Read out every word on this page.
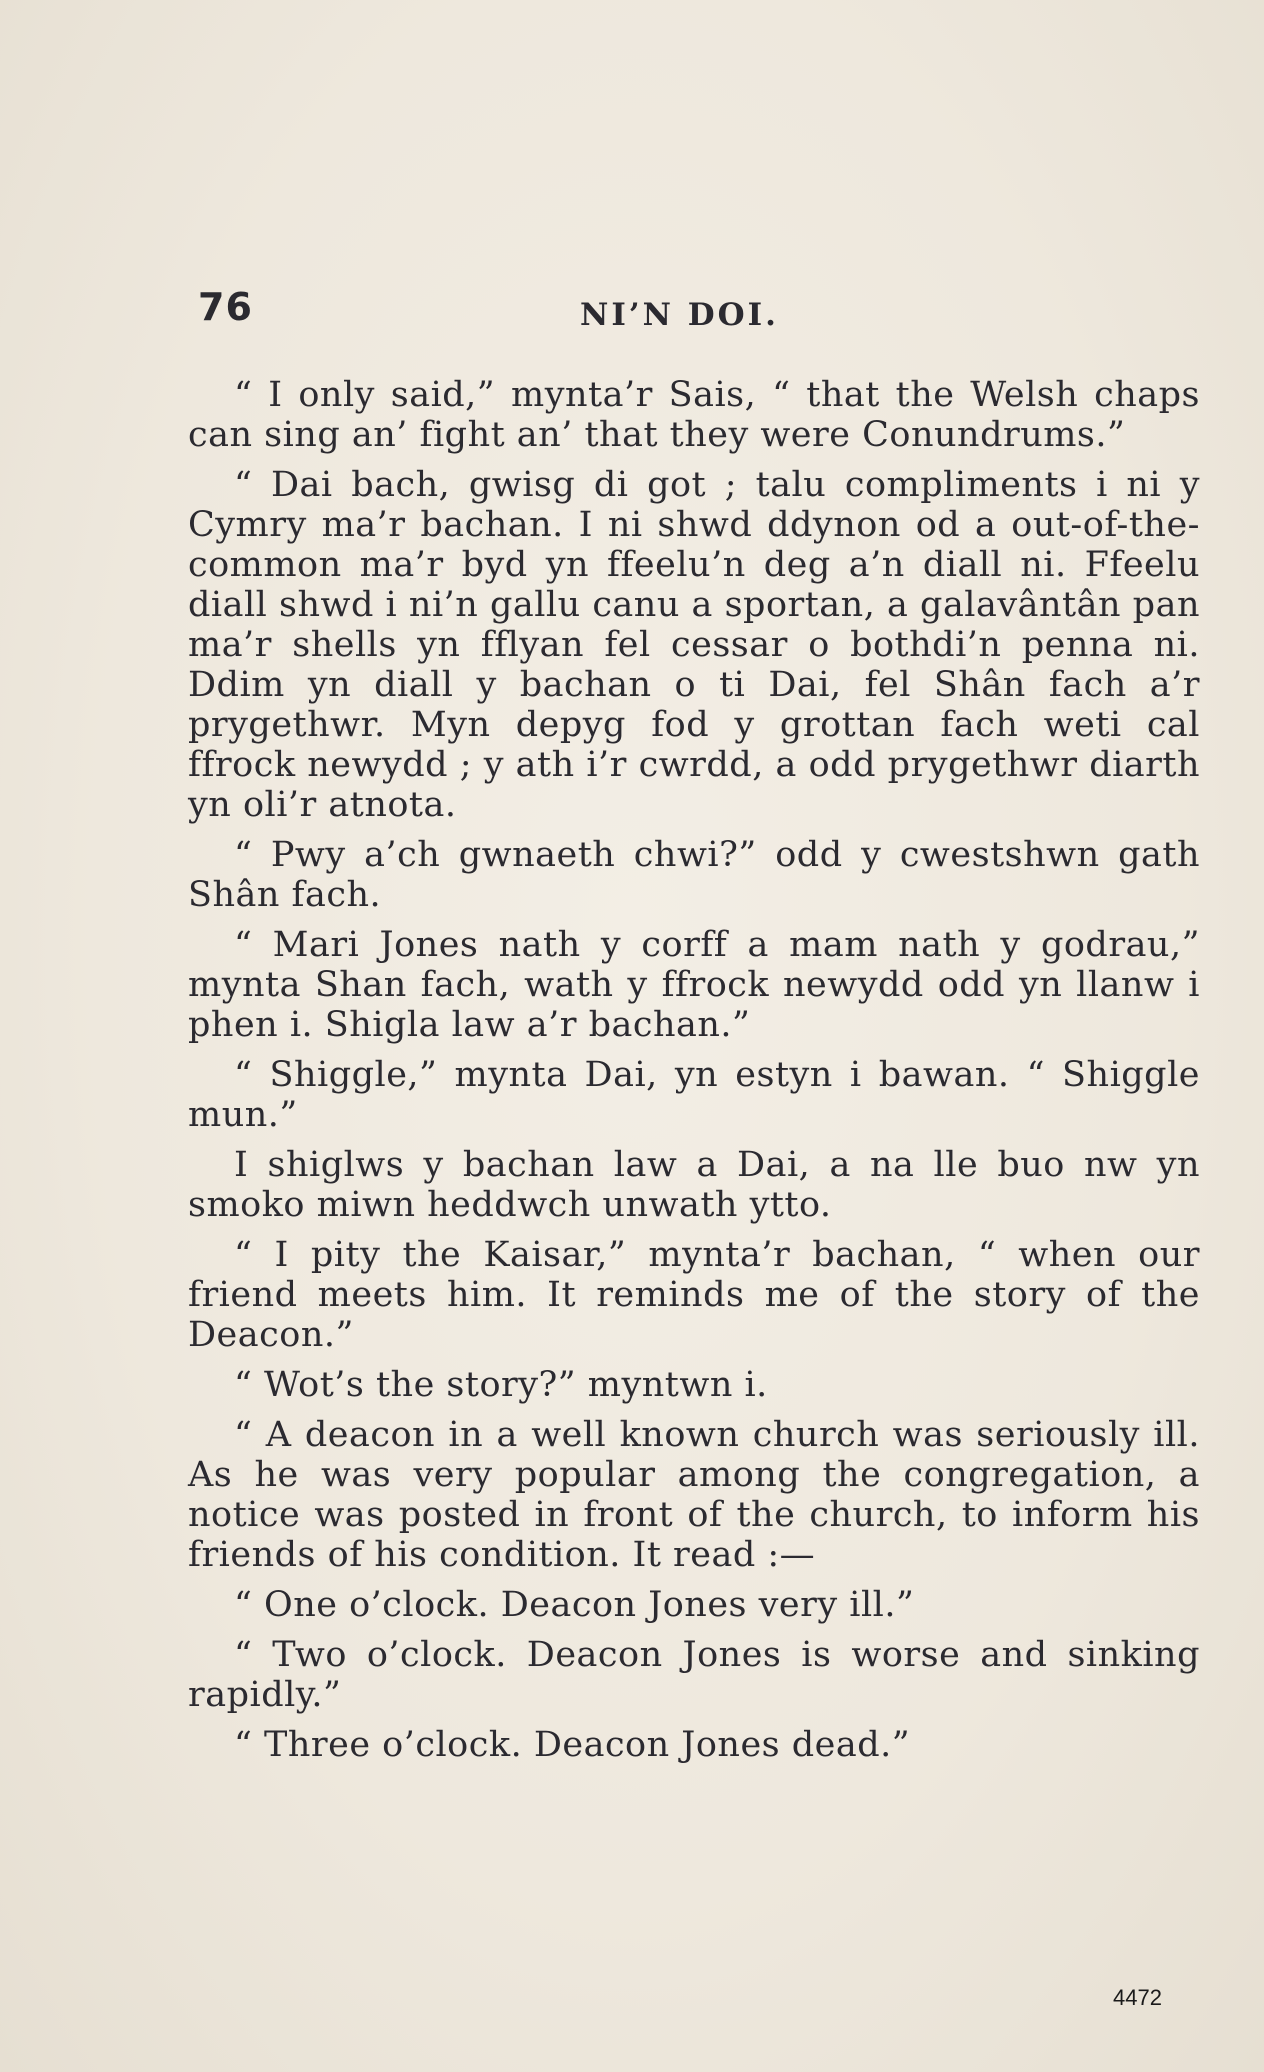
76	NI’N DOI.

“ I only said,” mynta’r Sais, “ that the Welsh chaps can sing an’ fight an’ that they were Conundrums.”

“ Dai bach, gwisg di got ; talu compliments i ni y Cymry ma’r bachan. I ni shwd ddynon od a out-of-the-common ma’r byd yn ffeelu’n deg a’n diall ni. Ffeelu diall shwd i ni’n gallu canu a sportan, a galavântân pan ma’r shells yn fflyan fel cessar o bothdi’n penna ni. Ddim yn diall y bachan o ti Dai, fel Shân fach a’r prygethwr. Myn depyg fod y grottan fach weti cal ffrock newydd ; y ath i’r cwrdd, a odd prygethwr diarth yn oli’r atnota.

“ Pwy a’ch gwnaeth chwi?” odd y cwestshwn gath Shân fach.

“ Mari Jones nath y corff a mam nath y godrau,” mynta Shan fach, wath y ffrock newydd odd yn llanw i phen i. Shigla law a’r bachan.”

“ Shiggle,” mynta Dai, yn estyn i bawan. “ Shiggle mun.”

I shiglws y bachan law a Dai, a na lle buo nw yn smoko miwn heddwch unwath ytto.

“ I pity the Kaisar,” mynta’r bachan, “ when our friend meets him. It reminds me of the story of the Deacon.”

“ Wot’s the story?” myntwn i.

“ A deacon in a well known church was seriously ill. As he was very popular among the congregation, a notice was posted in front of the church, to inform his friends of his condition. It read :—

“ One o’clock. Deacon Jones very ill.”

“ Two o’clock. Deacon Jones is worse and sinking rapidly.”

“ Three o’clock. Deacon Jones dead.”

4472
